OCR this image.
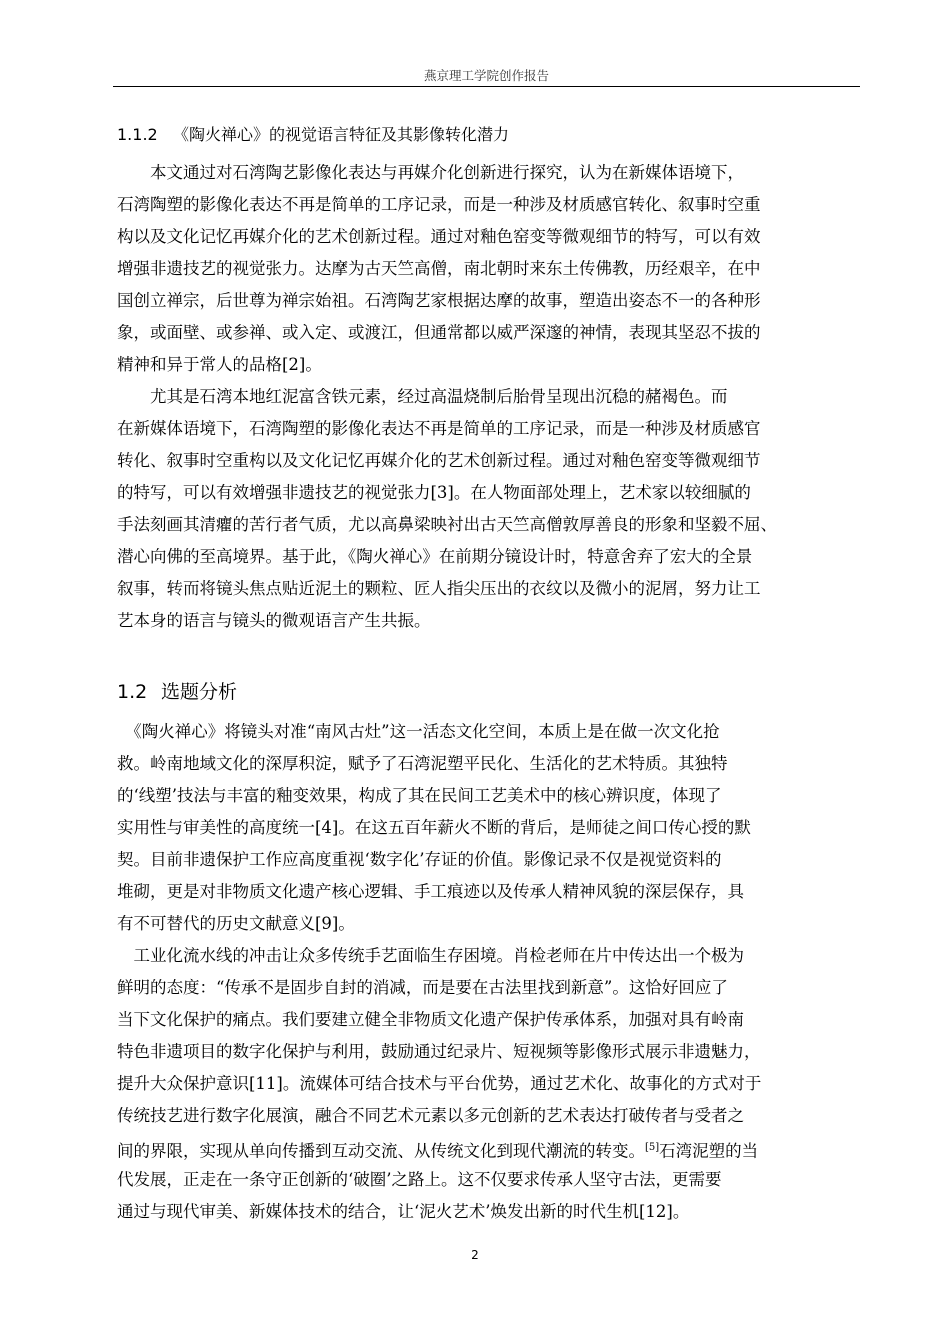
燕京理工学院创作报告
1.1.2 《陶火禅心》的视觉语言特征及其影像转化潜力
　　本文通过对石湾陶艺影像化表达与再媒介化创新进行探究，认为在新媒体语境下，
石湾陶塑的影像化表达不再是简单的工序记录，而是一种涉及材质感官转化、叙事时空重
构以及文化记忆再媒介化的艺术创新过程。通过对釉色窑变等微观细节的特写，可以有效
增强非遗技艺的视觉张力。达摩为古天竺高僧，南北朝时来东土传佛教，历经艰辛，在中
国创立禅宗，后世尊为禅宗始祖。石湾陶艺家根据达摩的故事，塑造出姿态不一的各种形
象，或面壁、或参禅、或入定、或渡江，但通常都以威严深邃的神情，表现其坚忍不拔的
精神和异于常人的品格[2]。
　　尤其是石湾本地红泥富含铁元素，经过高温烧制后胎骨呈现出沉稳的赭褐色。而
在新媒体语境下，石湾陶塑的影像化表达不再是简单的工序记录，而是一种涉及材质感官
转化、叙事时空重构以及文化记忆再媒介化的艺术创新过程。通过对釉色窑变等微观细节
的特写，可以有效增强非遗技艺的视觉张力[3]。在人物面部处理上，艺术家以较细腻的
手法刻画其清癯的苦行者气质，尤以高鼻梁映衬出古天竺高僧敦厚善良的形象和坚毅不屈、
潜心向佛的至高境界。基于此，《陶火禅心》在前期分镜设计时，特意舍弃了宏大的全景
叙事，转而将镜头焦点贴近泥土的颗粒、匠人指尖压出的衣纹以及微小的泥屑，努力让工
艺本身的语言与镜头的微观语言产生共振。
1.2 选题分析
　《陶火禅心》将镜头对准“南风古灶”这一活态文化空间，本质上是在做一次文化抢
救。岭南地域文化的深厚积淀，赋予了石湾泥塑平民化、生活化的艺术特质。其独特
的‘线塑’技法与丰富的釉变效果，构成了其在民间工艺美术中的核心辨识度，体现了
实用性与审美性的高度统一[4]。在这五百年薪火不断的背后，是师徒之间口传心授的默
契。目前非遗保护工作应高度重视‘数字化’存证的价值。影像记录不仅是视觉资料的
堆砌，更是对非物质文化遗产核心逻辑、手工痕迹以及传承人精神风貌的深层保存，具
有不可替代的历史文献意义[9]。
　工业化流水线的冲击让众多传统手艺面临生存困境。肖检老师在片中传达出一个极为
鲜明的态度：“传承不是固步自封的消减，而是要在古法里找到新意”。这恰好回应了
当下文化保护的痛点。我们要建立健全非物质文化遗产保护传承体系，加强对具有岭南
特色非遗项目的数字化保护与利用，鼓励通过纪录片、短视频等影像形式展示非遗魅力，
提升大众保护意识[11]。流媒体可结合技术与平台优势，通过艺术化、故事化的方式对于
传统技艺进行数字化展演，融合不同艺术元素以多元创新的艺术表达打破传者与受者之
间的界限，实现从单向传播到互动交流、从传统文化到现代潮流的转变。[5]石湾泥塑的当
代发展，正走在一条守正创新的‘破圈’之路上。这不仅要求传承人坚守古法，更需要
通过与现代审美、新媒体技术的结合，让‘泥火艺术’焕发出新的时代生机[12]。
2
